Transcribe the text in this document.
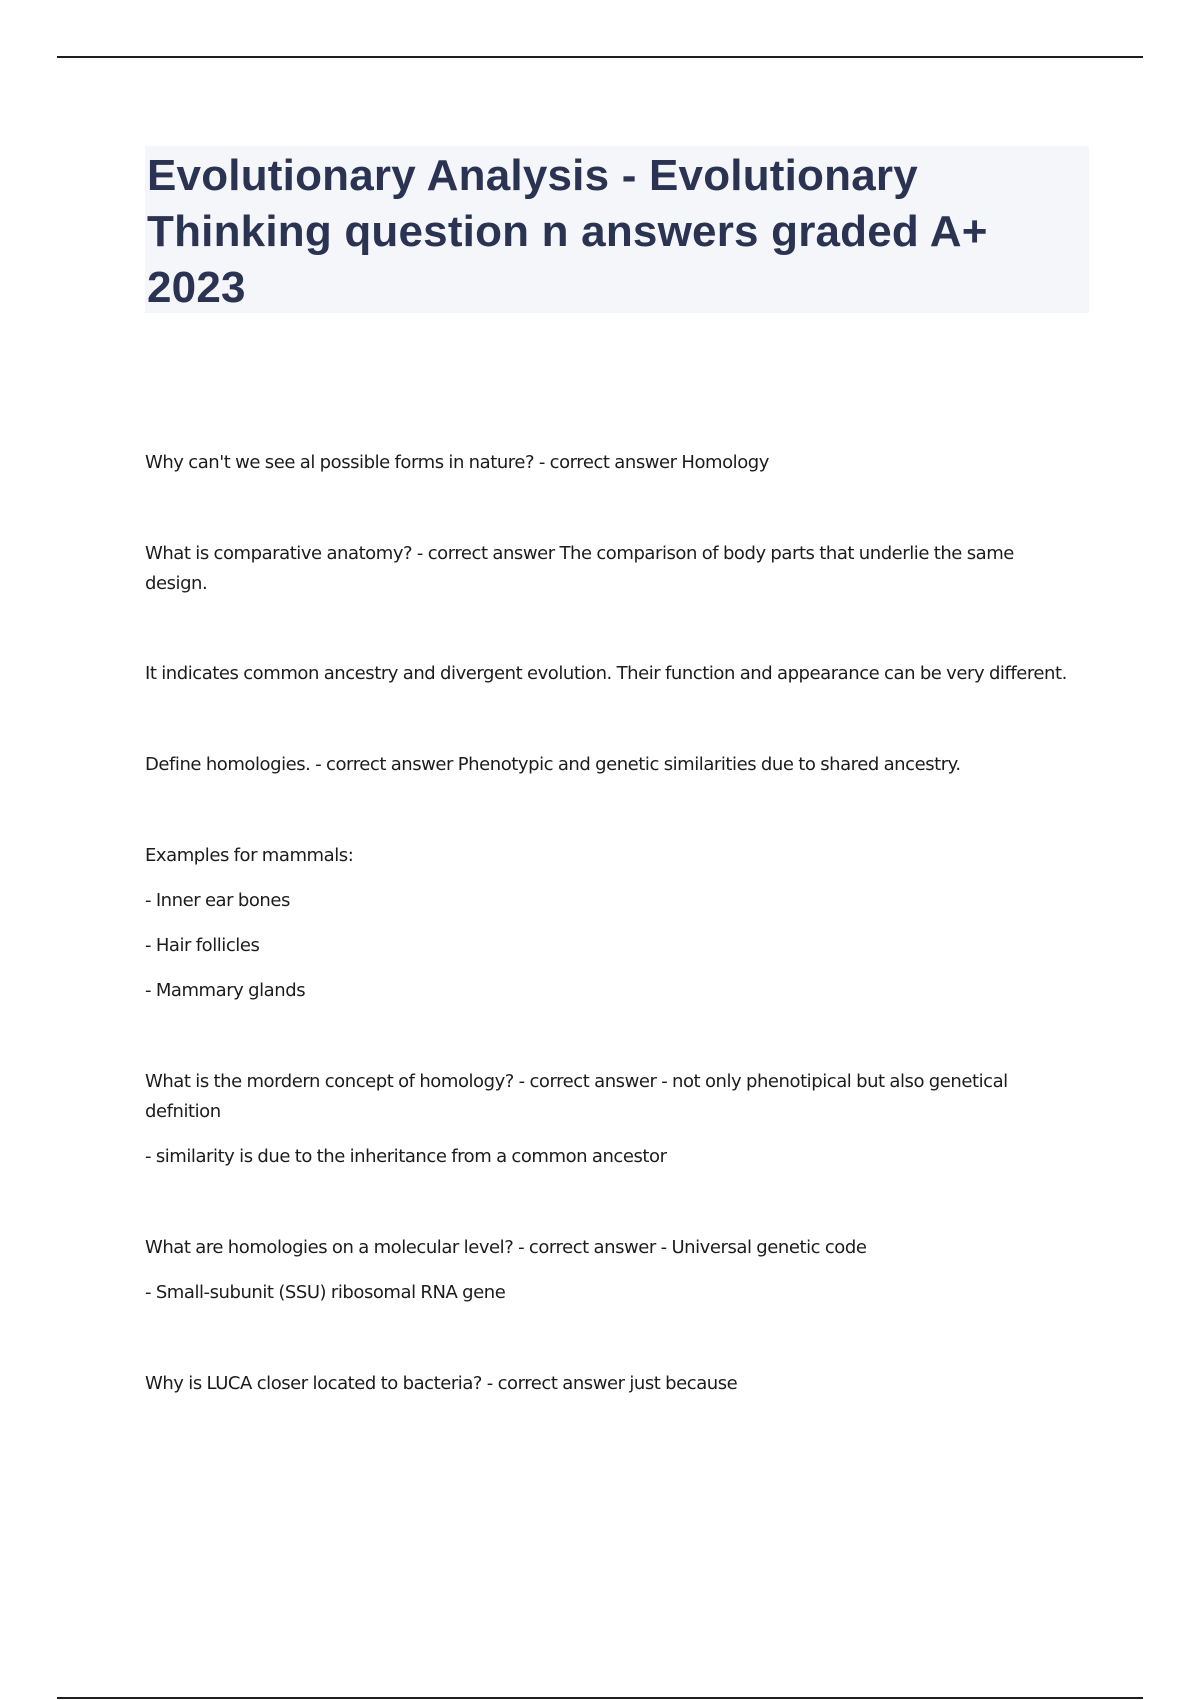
Evolutionary Analysis - Evolutionary Thinking question n answers graded A+ 2023

Why can't we see al possible forms in nature? - correct answer Homology

What is comparative anatomy? - correct answer The comparison of body parts that underlie the same design.

It indicates common ancestry and divergent evolution. Their function and appearance can be very different.

Define homologies. - correct answer Phenotypic and genetic similarities due to shared ancestry.

Examples for mammals:

- Inner ear bones

- Hair follicles

- Mammary glands

What is the mordern concept of homology? - correct answer - not only phenotipical but also genetical defnition

- similarity is due to the inheritance from a common ancestor

What are homologies on a molecular level? - correct answer - Universal genetic code

- Small-subunit (SSU) ribosomal RNA gene

Why is LUCA closer located to bacteria? - correct answer just because
